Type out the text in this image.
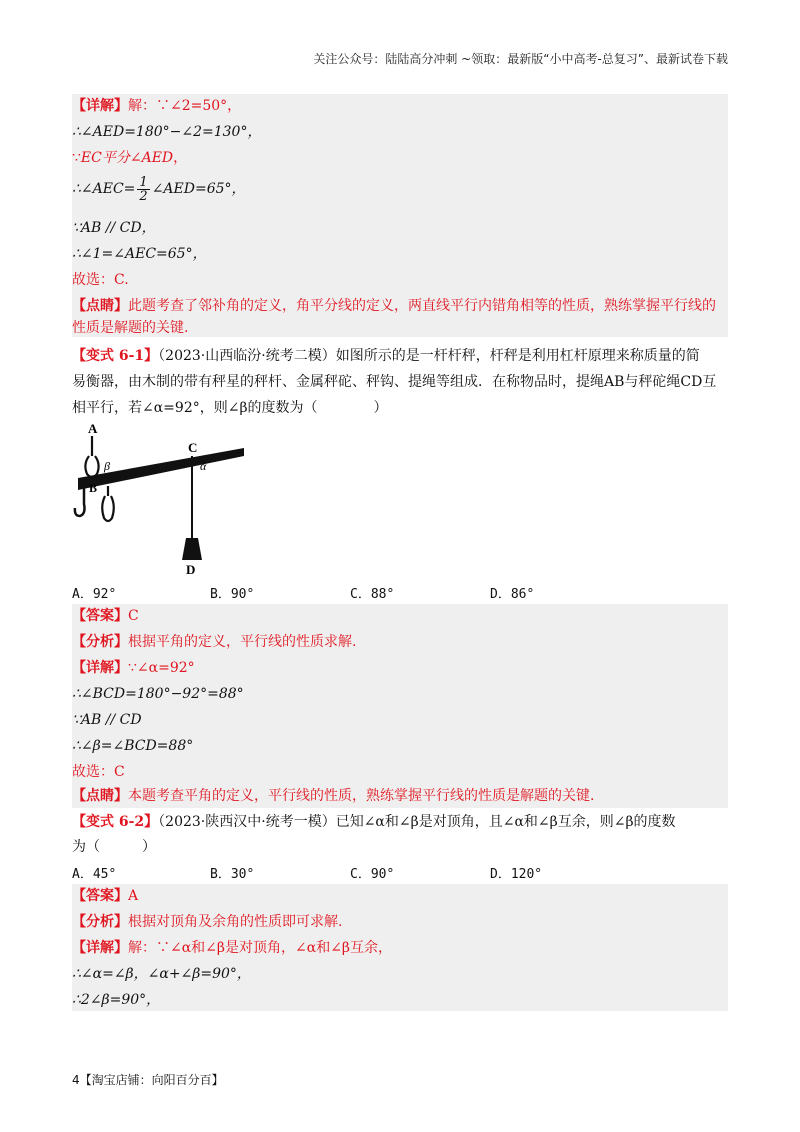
关注公众号：陆陆高分冲刺 ~领取：最新版“小中高考-总复习”、最新试卷下载
【详解】解：∵∠2=50°，
∴∠AED=180°−∠2=130°，
∵EC平分∠AED，
∴∠AEC= $\frac{1}{2}$ ∠AED=65°，
∵AB // CD，
∴∠1=∠AEC=65°，
故选：C.
【点睛】此题考查了邻补角的定义，角平分线的定义，两直线平行内错角相等的性质，熟练掌握平行线的
性质是解题的关键.
【变式 6-1】（2023·山西临汾·统考二模）如图所示的是一杆杆秤，杆秤是利用杠杆原理来称质量的简
易衡器，由木制的带有秤星的秤杆、金属秤砣、秤钩、提绳等组成．在称物品时，提绳AB与秤砣绳CD互
相平行，若∠α=92°，则∠β的度数为（　　　　）
A
β
B
C
α
D
A．92°	B．90°	C．88°	D．86°
【答案】C
【分析】根据平角的定义，平行线的性质求解.
【详解】∵∠α=92°
∴∠BCD=180°−92°=88°
∵AB // CD
∴∠β=∠BCD=88°
故选：C
【点睛】本题考查平角的定义，平行线的性质，熟练掌握平行线的性质是解题的关键.
【变式 6-2】（2023·陕西汉中·统考一模）已知∠α和∠β是对顶角，且∠α和∠β互余，则∠β的度数
为（　　　）
A．45°	B．30°	C．90°	D．120°
【答案】A
【分析】根据对顶角及余角的性质即可求解.
【详解】解：∵∠α和∠β是对顶角，∠α和∠β互余，
∴∠α=∠β，∠α+∠β=90°，
∴2∠β=90°，
4【淘宝店铺：向阳百分百】
